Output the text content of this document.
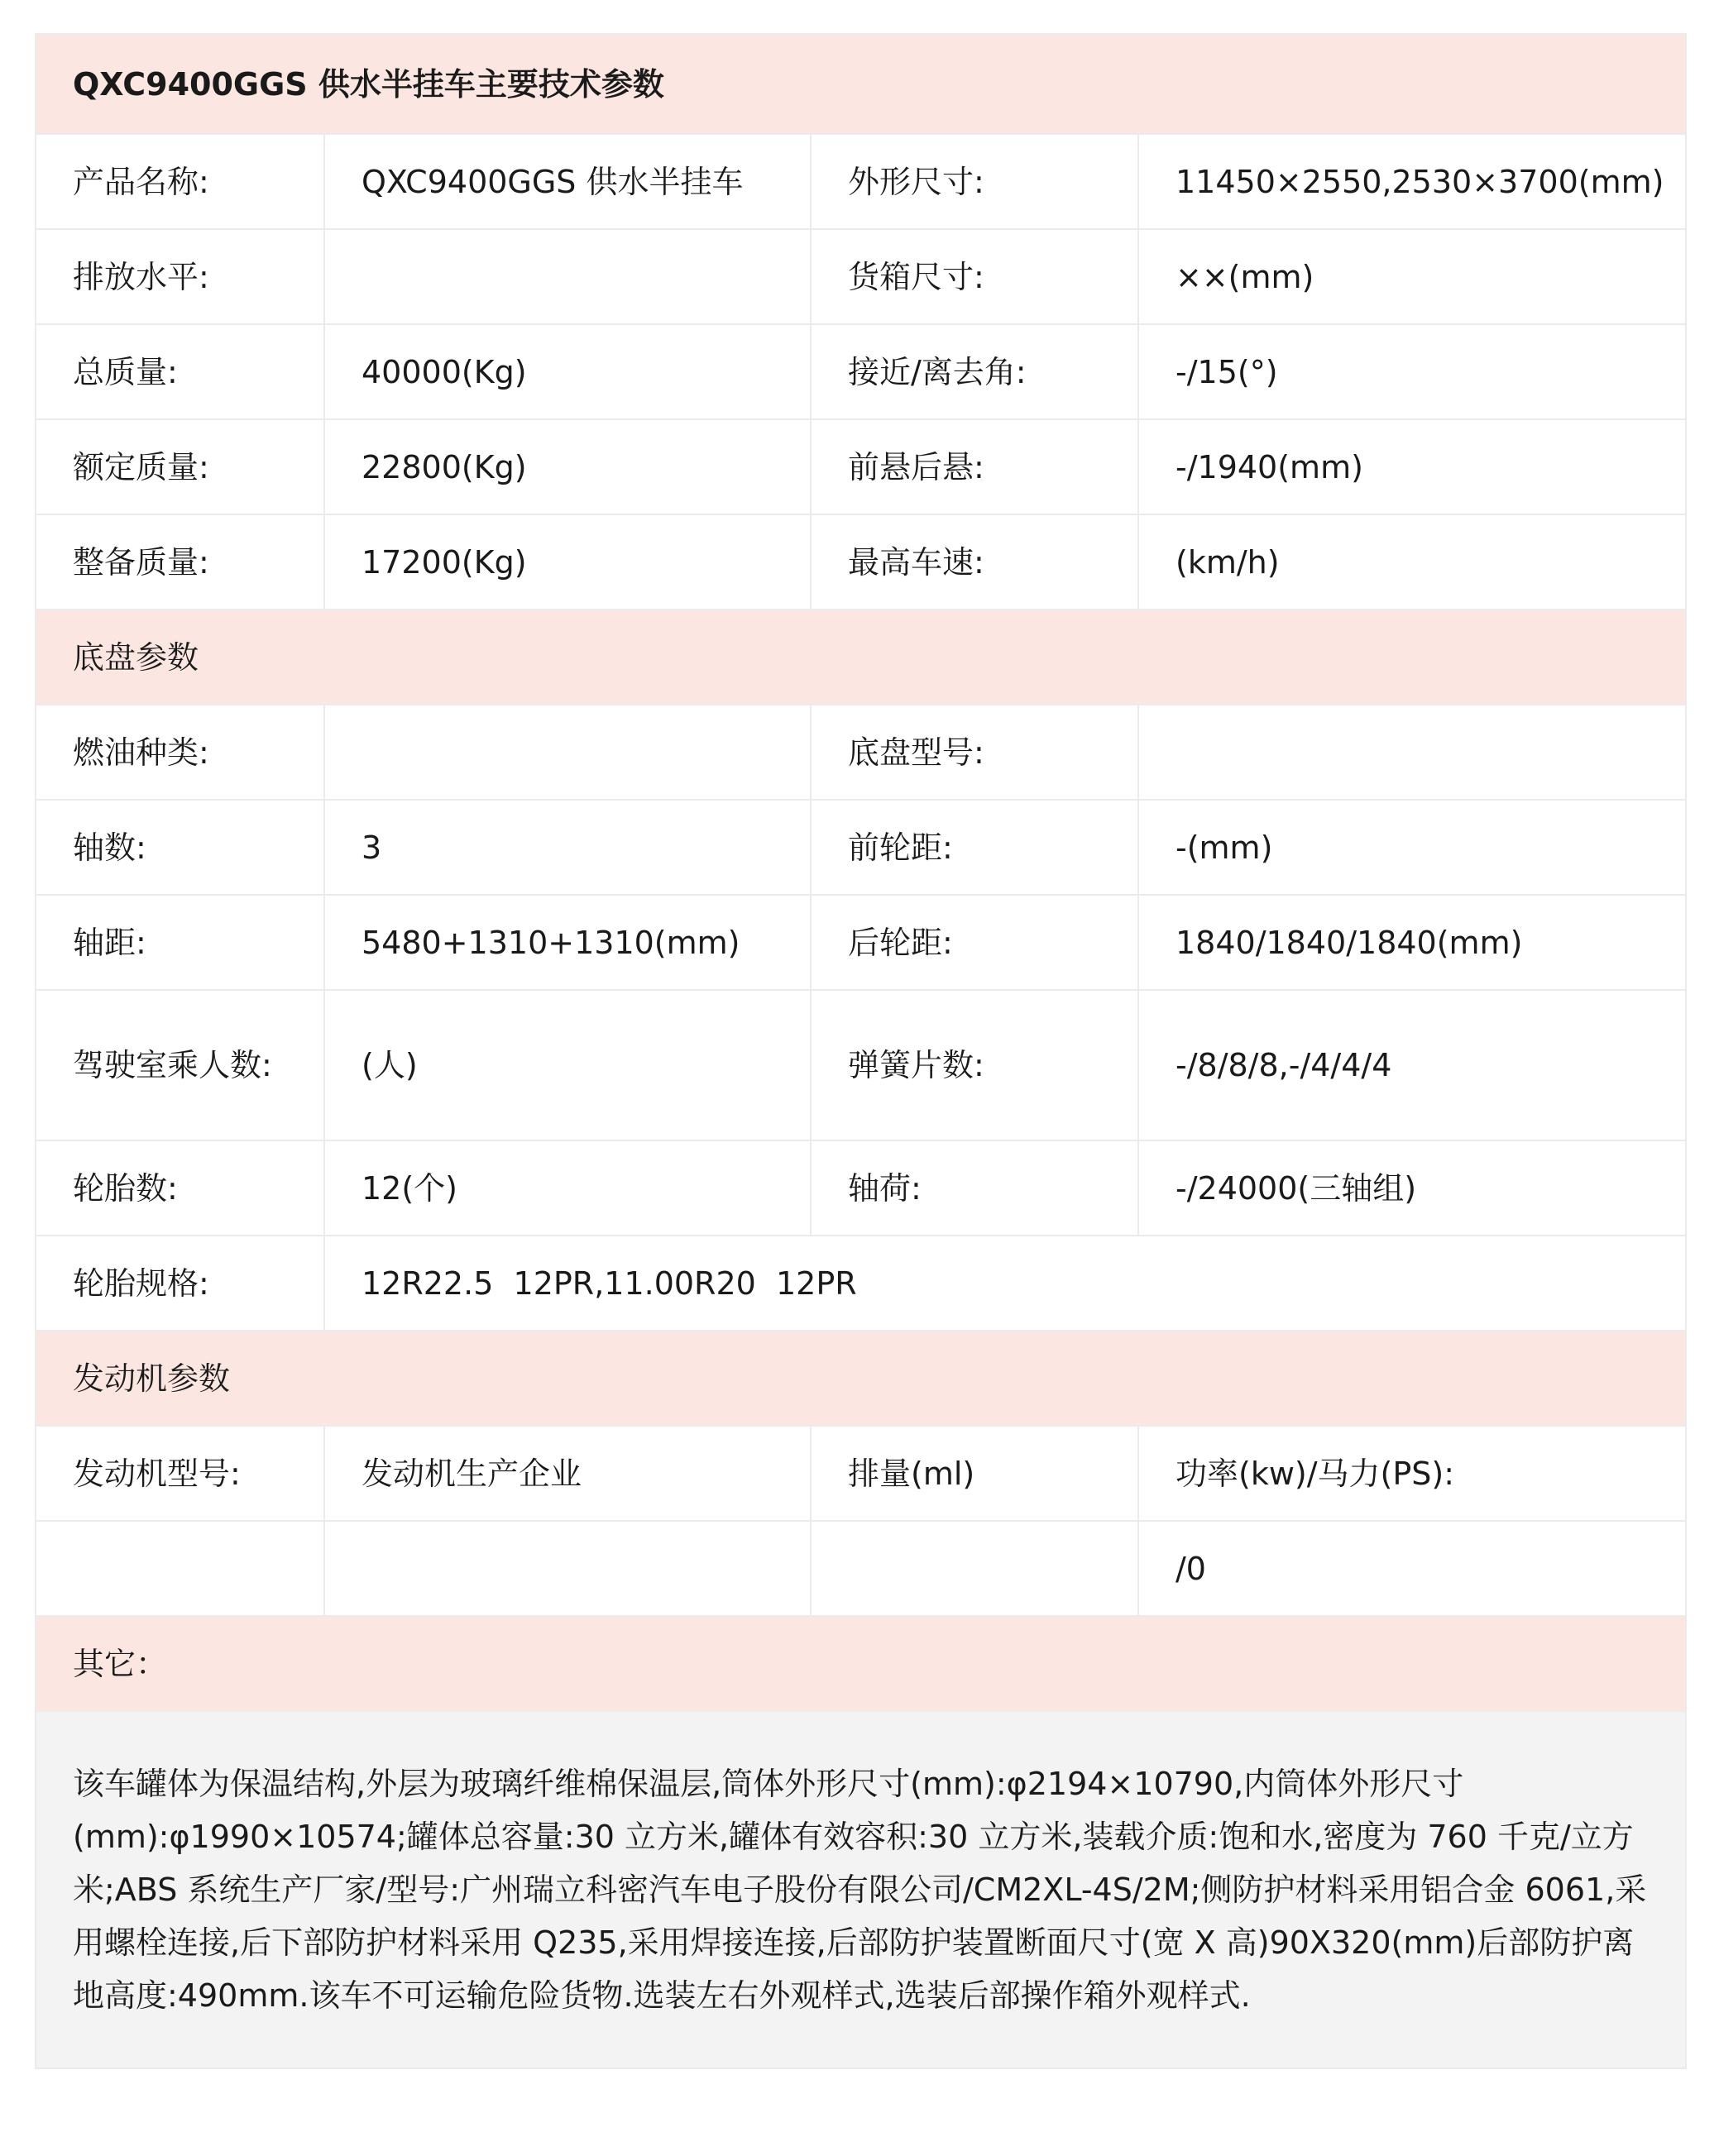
QXC9400GGS 供水半挂车主要技术参数			
产品名称:	QXC9400GGS 供水半挂车	外形尺寸:	11450×2550,2530×3700(mm)
排放水平:		货箱尺寸:	××(mm)
总质量:	40000(Kg)	接近/离去角:	-/15(°)
额定质量:	22800(Kg)	前悬后悬:	-/1940(mm)
整备质量:	17200(Kg)	最高车速:	(km/h)
底盘参数			
燃油种类:		底盘型号:	
轴数:	3	前轮距:	-(mm)
轴距:	5480+1310+1310(mm)	后轮距:	1840/1840/1840(mm)
驾驶室乘人数:	(人)	弹簧片数:	-/8/8/8,-/4/4/4
轮胎数:	12(个)	轴荷:	-/24000(三轴组)
轮胎规格:	12R22.5  12PR,11.00R20  12PR		
发动机参数			
发动机型号:	发动机生产企业	排量(ml)	功率(kw)/马力(PS):
			/0
其它：			
该车罐体为保温结构,外层为玻璃纤维棉保温层,筒体外形尺寸(mm):φ2194×10790,内筒体外形尺寸(mm):φ1990×10574;罐体总容量:30 立方米,罐体有效容积:30 立方米,装载介质:饱和水,密度为 760 千克/立方米;ABS 系统生产厂家/型号:广州瑞立科密汽车电子股份有限公司/CM2XL-4S/2M;侧防护材料采用铝合金 6061,采用螺栓连接,后下部防护材料采用 Q235,采用焊接连接,后部防护装置断面尺寸(宽 X 高)90X320(mm)后部防护离地高度:490mm.该车不可运输危险货物.选装左右外观样式,选装后部操作箱外观样式.			
